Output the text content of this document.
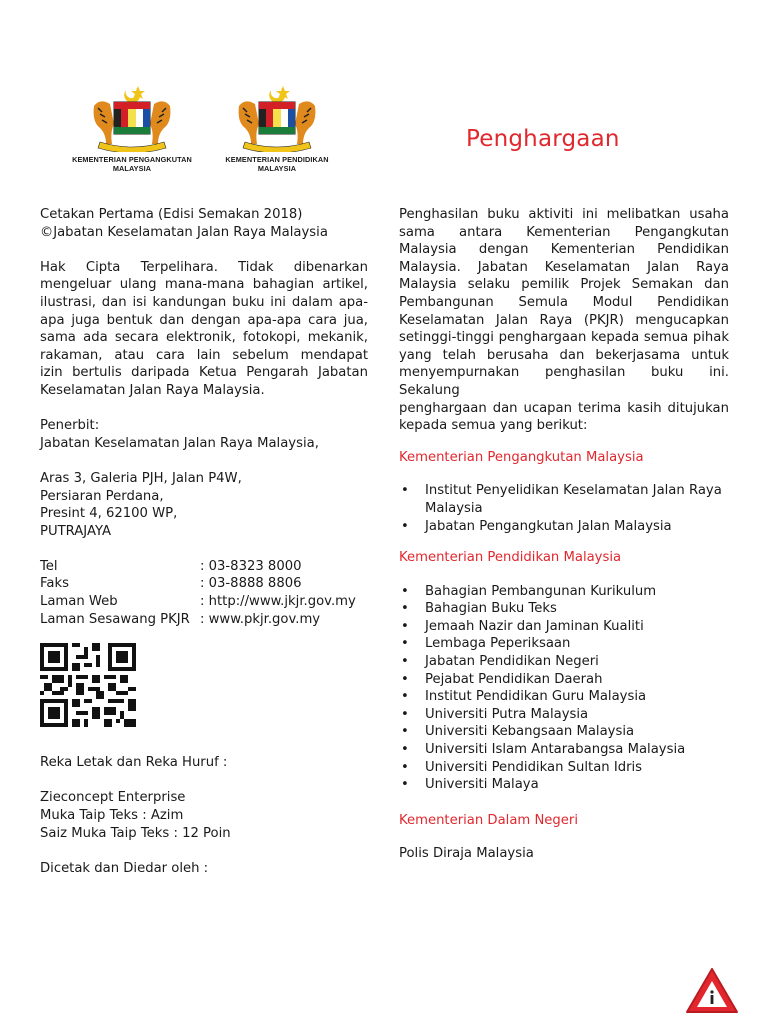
KEMENTERIAN PENGANGKUTAN
MALAYSIA
KEMENTERIAN PENDIDIKAN
MALAYSIA
Penghargaan
Cetakan Pertama (Edisi Semakan 2018)
©Jabatan Keselamatan Jalan Raya Malaysia
Hak Cipta Terpelihara. Tidak dibenarkan
mengeluar ulang mana-mana bahagian artikel,
ilustrasi, dan isi kandungan buku ini dalam apa-
apa juga bentuk dan dengan apa-apa cara jua,
sama ada secara elektronik, fotokopi, mekanik,
rakaman, atau cara lain sebelum mendapat
izin bertulis daripada Ketua Pengarah Jabatan
Keselamatan Jalan Raya Malaysia.
Penerbit:
Jabatan Keselamatan Jalan Raya Malaysia,
Aras 3, Galeria PJH, Jalan P4W,
Persiaran Perdana,
Presint 4, 62100 WP,
PUTRAJAYA
Tel	: 03-8323 8000
Faks	: 03-8888 8806
Laman Web	: http://www.jkjr.gov.my
Laman Sesawang PKJR : www.pkjr.gov.my
Reka Letak dan Reka Huruf :
Zieconcept Enterprise
Muka Taip Teks : Azim
Saiz Muka Taip Teks : 12 Poin
Dicetak dan Diedar oleh :
Penghasilan buku aktiviti ini melibatkan usaha
sama antara Kementerian Pengangkutan
Malaysia dengan Kementerian Pendidikan
Malaysia. Jabatan Keselamatan Jalan Raya
Malaysia selaku pemilik Projek Semakan dan
Pembangunan Semula Modul Pendidikan
Keselamatan Jalan Raya (PKJR) mengucapkan
setinggi-tinggi penghargaan kepada semua pihak
yang telah berusaha dan bekerjasama untuk
menyempurnakan penghasilan buku ini. Sekalung
penghargaan dan ucapan terima kasih ditujukan
kepada semua yang berikut:
Kementerian Pengangkutan Malaysia
• Institut Penyelidikan Keselamatan Jalan Raya
Malaysia
• Jabatan Pengangkutan Jalan Malaysia
Kementerian Pendidikan Malaysia
• Bahagian Pembangunan Kurikulum
• Bahagian Buku Teks
• Jemaah Nazir dan Jaminan Kualiti
• Lembaga Peperiksaan
• Jabatan Pendidikan Negeri
• Pejabat Pendidikan Daerah
• Institut Pendidikan Guru Malaysia
• Universiti Putra Malaysia
• Universiti Kebangsaan Malaysia
• Universiti Islam Antarabangsa Malaysia
• Universiti Pendidikan Sultan Idris
• Universiti Malaya
Kementerian Dalam Negeri
Polis Diraja Malaysia
